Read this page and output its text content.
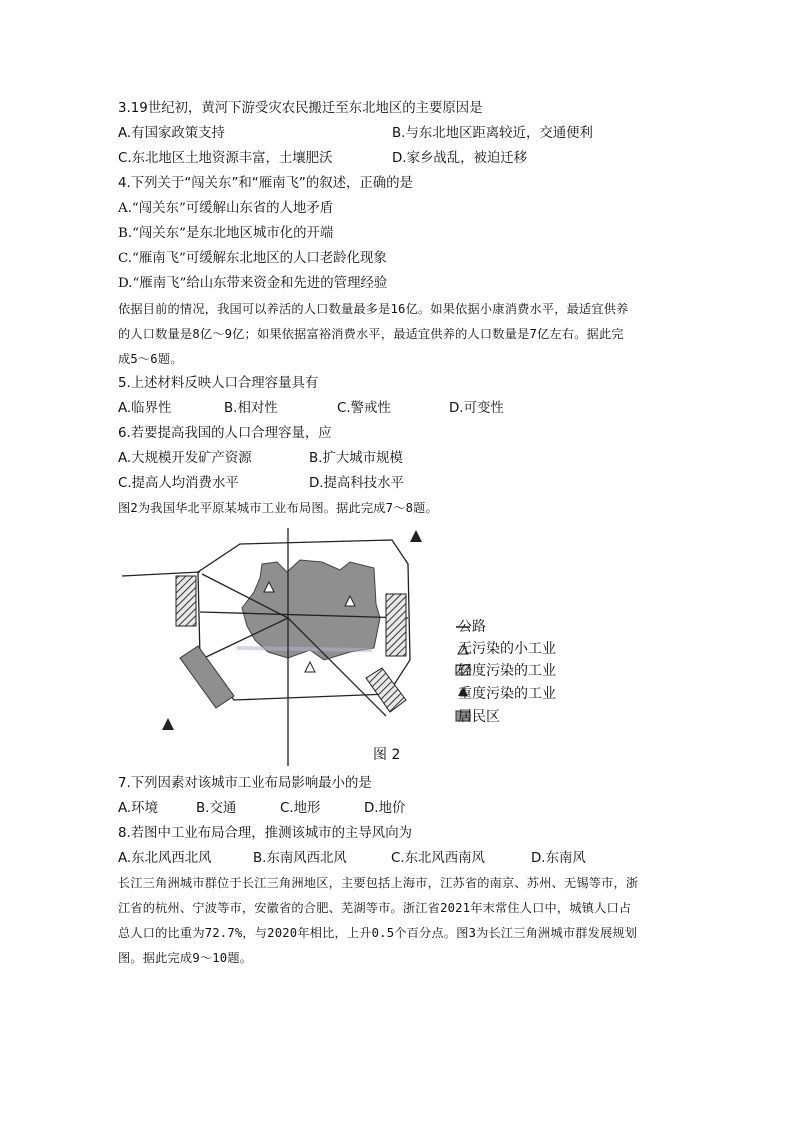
3.19世纪初，黄河下游受灾农民搬迁至东北地区的主要原因是
A.有国家政策支持	B.与东北地区距离较近，交通便利
C.东北地区土地资源丰富，土壤肥沃	D.家乡战乱，被迫迁移
4.下列关于“闯关东”和“雁南飞”的叙述，正确的是
A.“闯关东”可缓解山东省的人地矛盾
B.“闯关东”是东北地区城市化的开端
C.“雁南飞”可缓解东北地区的人口老龄化现象
D.“雁南飞”给山东带来资金和先进的管理经验
依据目前的情况，我国可以养活的人口数量最多是16亿。如果依据小康消费水平，最适宜供养
的人口数量是8亿～9亿；如果依据富裕消费水平，最适宜供养的人口数量是7亿左右。据此完
成5～6题。
5.上述材料反映人口合理容量具有
A.临界性	B.相对性	C.警戒性	D.可变性
6.若要提高我国的人口合理容量，应
A.大规模开发矿产资源	B.扩大城市规模
C.提高人均消费水平	D.提高科技水平
图2为我国华北平原某城市工业布局图。据此完成7～8题。
公路
无污染的小工业
轻度污染的工业
重度污染的工业
居民区
图 2
7.下列因素对该城市工业布局影响最小的是
A.环境	B.交通	C.地形	D.地价
8.若图中工业布局合理，推测该城市的主导风向为
A.东北风西北风	B.东南风西北风	C.东北风西南风	D.东南风
长江三角洲城市群位于长江三角洲地区，主要包括上海市，江苏省的南京、苏州、无锡等市，浙
江省的杭州、宁波等市，安徽省的合肥、芜湖等市。浙江省2021年末常住人口中，城镇人口占
总人口的比重为72.7%，与2020年相比，上升0.5个百分点。图3为长江三角洲城市群发展规划
图。据此完成9～10题。
